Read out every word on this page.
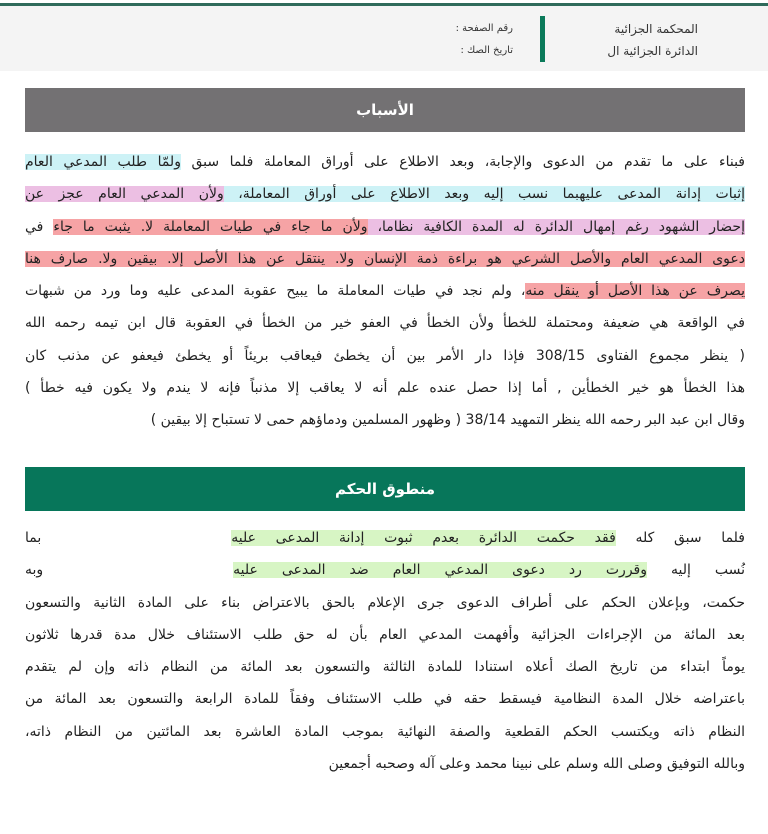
المحكمة الجزائية
الدائرة الجزائية ال
رقم الصفحة :
تاريخ الصك :
الأسباب
فبناء على ما تقدم من الدعوى والإجابة، وبعد الاطلاع على أوراق المعاملة فلما سبق ولمّا طلب المدعي العام
إثبات إدانة المدعى عليهبما نسب إليه وبعد الاطلاع على أوراق المعاملة، ولأن المدعي العام عجز عن
إحضار الشهود رغم إمهال الدائرة له المدة الكافية نظاما، ولأن ما جاء في طيات المعاملة لا. يثبت ما جاء في
دعوى المدعي العام والأصل الشرعي هو براءة ذمة الإنسان ولا. ينتقل عن هذا الأصل إلا. بيقين ولا. صارف هنا
يصرف عن هذا الأصل أو ينقل منه، ولم نجد في طيات المعاملة ما يبيح عقوبة المدعى عليه وما ورد من شبهات
في الواقعة هي ضعيفة ومحتملة للخطأ ولأن الخطأ في العفو خير من الخطأ في العقوبة قال ابن تيمه رحمه الله
( ينظر مجموع الفتاوى 308/15 فإذا دار الأمر بين أن يخطئ فيعاقب بريئاً أو يخطئ فيعفو عن مذنب كان
هذا الخطأ هو خير الخطأين , أما إذا حصل عنده علم أنه لا يعاقب إلا مذنباً فإنه لا يندم ولا يكون فيه خطأ )
وقال ابن عبد البر رحمه الله ينظر التمهيد 38/14 ( وظهور المسلمين ودماؤهم حمى لا تستباح إلا بيقين )
منطوق الحكم
فلما سبق كله فقد حكمت الدائرة بعدم ثبوت إدانة المدعى عليهبما
نُسب إليه وقررت رد دعوى المدعي العام ضد المدعى عليهوبه
حكمت، وبإعلان الحكم على أطراف الدعوى جرى الإعلام بالحق بالاعتراض بناء على المادة الثانية والتسعون
بعد المائة من الإجراءات الجزائية وأفهمت المدعي العام بأن له حق طلب الاستئناف خلال مدة قدرها ثلاثون
يوماً ابتداء من تاريخ الصك أعلاه استنادا للمادة الثالثة والتسعون بعد المائة من النظام ذاته وإن لم يتقدم
باعتراضه خلال المدة النظامية فيسقط حقه في طلب الاستئناف وفقاً للمادة الرابعة والتسعون بعد المائة من
النظام ذاته ويكتسب الحكم القطعية والصفة النهائية بموجب المادة العاشرة بعد المائتين من النظام ذاته،
وبالله التوفيق وصلى الله وسلم على نبينا محمد وعلى آله وصحبه أجمعين
